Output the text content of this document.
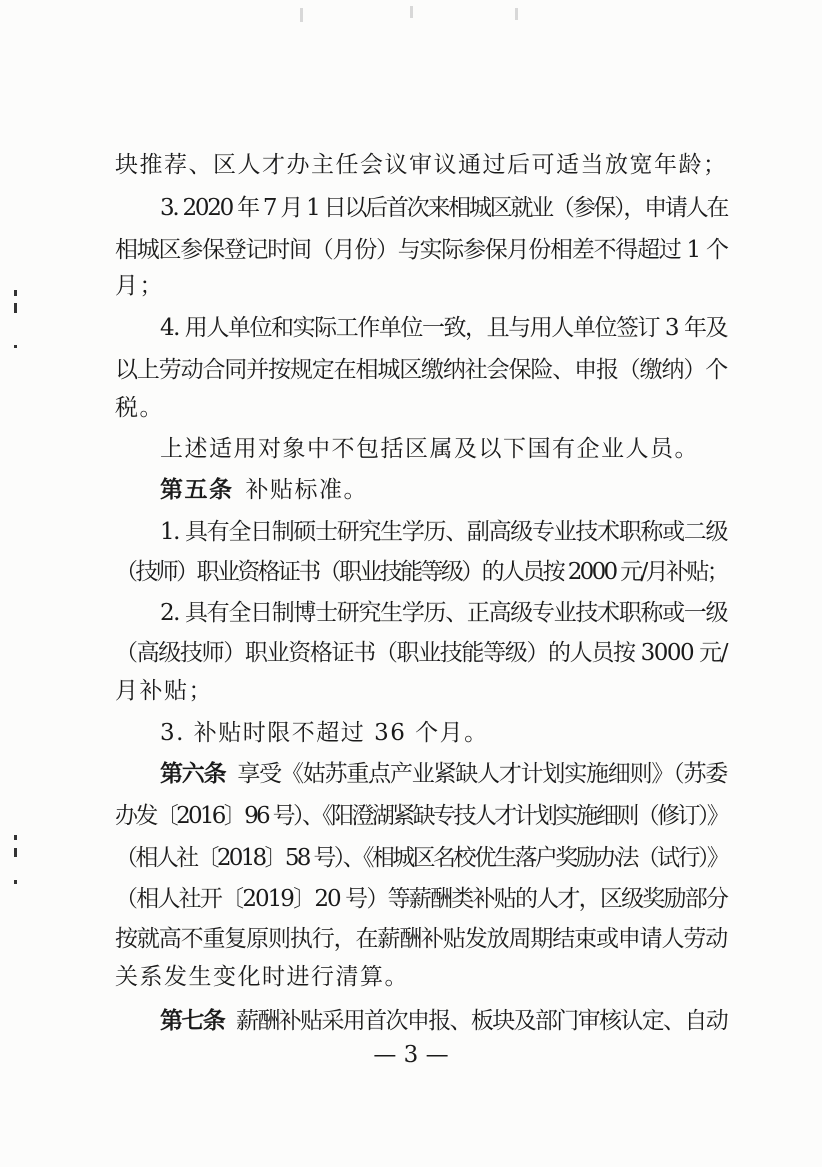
块推荐、区人才办主任会议审议通过后可适当放宽年龄；
3. 2020 年 7 月 1 日以后首次来相城区就业（参保），申请人在
相城区参保登记时间（月份）与实际参保月份相差不得超过 1 个
月；
4. 用人单位和实际工作单位一致，且与用人单位签订 3 年及
以上劳动合同并按规定在相城区缴纳社会保险、申报（缴纳）个
税。
上述适用对象中不包括区属及以下国有企业人员。
第五条 补贴标准。
1. 具有全日制硕士研究生学历、副高级专业技术职称或二级
（技师）职业资格证书（职业技能等级）的人员按 2000 元/月补贴；
2. 具有全日制博士研究生学历、正高级专业技术职称或一级
（高级技师）职业资格证书（职业技能等级）的人员按 3000 元/
月补贴；
3. 补贴时限不超过 36 个月。
第六条 享受《姑苏重点产业紧缺人才计划实施细则》（苏委
办发〔2016〕96 号）、《阳澄湖紧缺专技人才计划实施细则（修订）》
（相人社〔2018〕58 号）、《相城区名校优生落户奖励办法（试行）》
（相人社开〔2019〕20 号）等薪酬类补贴的人才，区级奖励部分
按就高不重复原则执行，在薪酬补贴发放周期结束或申请人劳动
关系发生变化时进行清算。
第七条 薪酬补贴采用首次申报、板块及部门审核认定、自动
— 3 —
